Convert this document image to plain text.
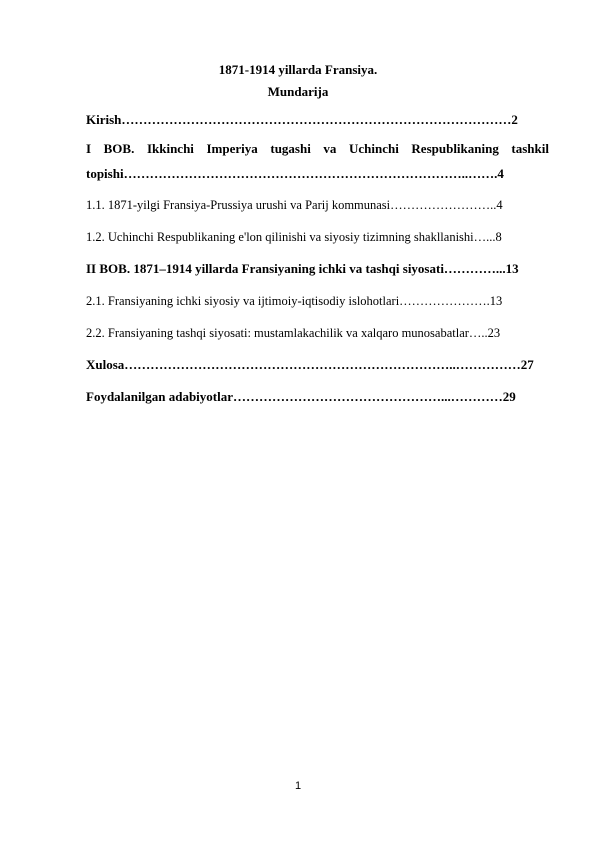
1871-1914 yillarda Fransiya.
Mundarija
Kirish………………………………………………………………………………2
I BOB. Ikkinchi Imperiya tugashi va Uchinchi Respublikaning tashkil
topishi……………………………………………………………………..…….4
1.1. 1871-yilgi Fransiya-Prussiya urushi va Parij kommunasi……………………..4
1.2. Uchinchi Respublikaning e'lon qilinishi va siyosiy tizimning shakllanishi…...8
II BOB. 1871–1914 yillarda Fransiyaning ichki va tashqi siyosati…………...13
2.1. Fransiyaning ichki siyosiy va ijtimoiy-iqtisodiy islohotlari………………….13
2.2. Fransiyaning tashqi siyosati: mustamlakachilik va xalqaro munosabatlar…..23
Xulosa…………………………………………………………………..……………27
Foydalanilgan adabiyotlar…………………………………………...…………29
1
